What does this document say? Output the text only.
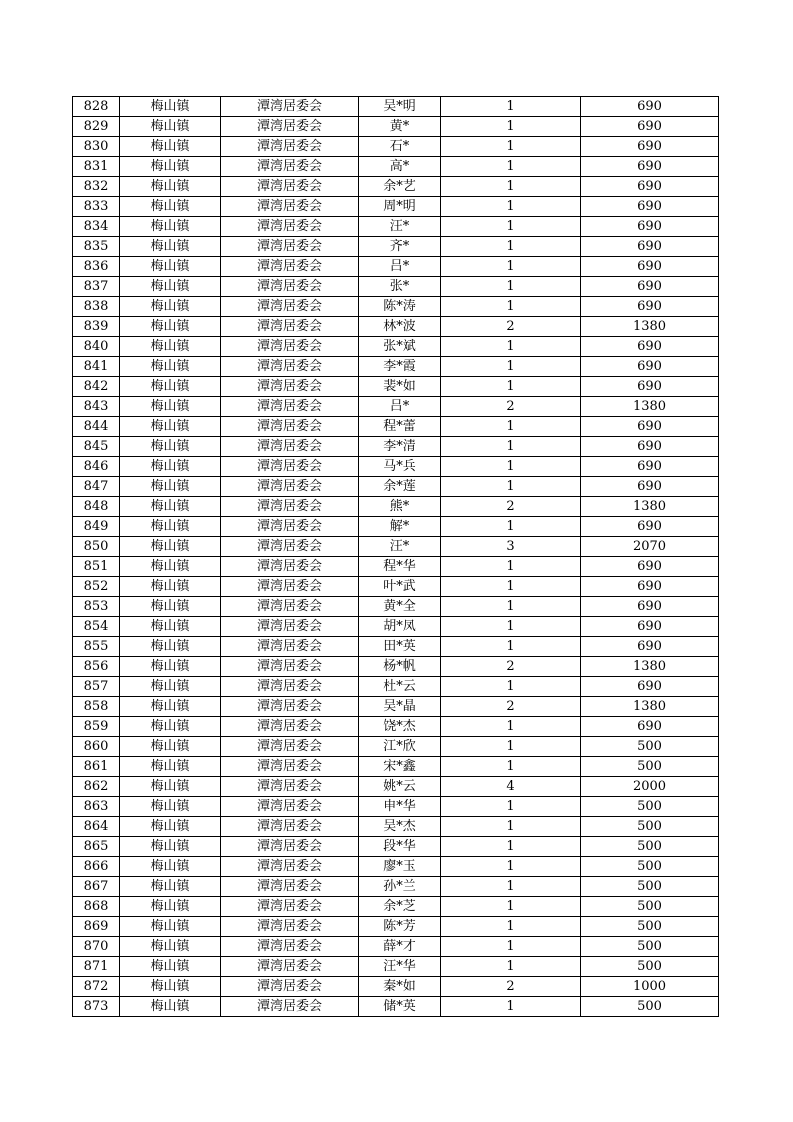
828	梅山镇	潭湾居委会	吴*明	1	690
829	梅山镇	潭湾居委会	黄*	1	690
830	梅山镇	潭湾居委会	石*	1	690
831	梅山镇	潭湾居委会	高*	1	690
832	梅山镇	潭湾居委会	余*艺	1	690
833	梅山镇	潭湾居委会	周*明	1	690
834	梅山镇	潭湾居委会	汪*	1	690
835	梅山镇	潭湾居委会	齐*	1	690
836	梅山镇	潭湾居委会	吕*	1	690
837	梅山镇	潭湾居委会	张*	1	690
838	梅山镇	潭湾居委会	陈*涛	1	690
839	梅山镇	潭湾居委会	林*波	2	1380
840	梅山镇	潭湾居委会	张*斌	1	690
841	梅山镇	潭湾居委会	李*霞	1	690
842	梅山镇	潭湾居委会	裴*如	1	690
843	梅山镇	潭湾居委会	吕*	2	1380
844	梅山镇	潭湾居委会	程*蕾	1	690
845	梅山镇	潭湾居委会	李*清	1	690
846	梅山镇	潭湾居委会	马*兵	1	690
847	梅山镇	潭湾居委会	余*莲	1	690
848	梅山镇	潭湾居委会	熊*	2	1380
849	梅山镇	潭湾居委会	解*	1	690
850	梅山镇	潭湾居委会	汪*	3	2070
851	梅山镇	潭湾居委会	程*华	1	690
852	梅山镇	潭湾居委会	叶*武	1	690
853	梅山镇	潭湾居委会	黄*全	1	690
854	梅山镇	潭湾居委会	胡*凤	1	690
855	梅山镇	潭湾居委会	田*英	1	690
856	梅山镇	潭湾居委会	杨*帆	2	1380
857	梅山镇	潭湾居委会	杜*云	1	690
858	梅山镇	潭湾居委会	吴*晶	2	1380
859	梅山镇	潭湾居委会	饶*杰	1	690
860	梅山镇	潭湾居委会	江*欣	1	500
861	梅山镇	潭湾居委会	宋*鑫	1	500
862	梅山镇	潭湾居委会	姚*云	4	2000
863	梅山镇	潭湾居委会	申*华	1	500
864	梅山镇	潭湾居委会	吴*杰	1	500
865	梅山镇	潭湾居委会	段*华	1	500
866	梅山镇	潭湾居委会	廖*玉	1	500
867	梅山镇	潭湾居委会	孙*兰	1	500
868	梅山镇	潭湾居委会	余*芝	1	500
869	梅山镇	潭湾居委会	陈*芳	1	500
870	梅山镇	潭湾居委会	薛*才	1	500
871	梅山镇	潭湾居委会	汪*华	1	500
872	梅山镇	潭湾居委会	秦*如	2	1000
873	梅山镇	潭湾居委会	储*英	1	500
